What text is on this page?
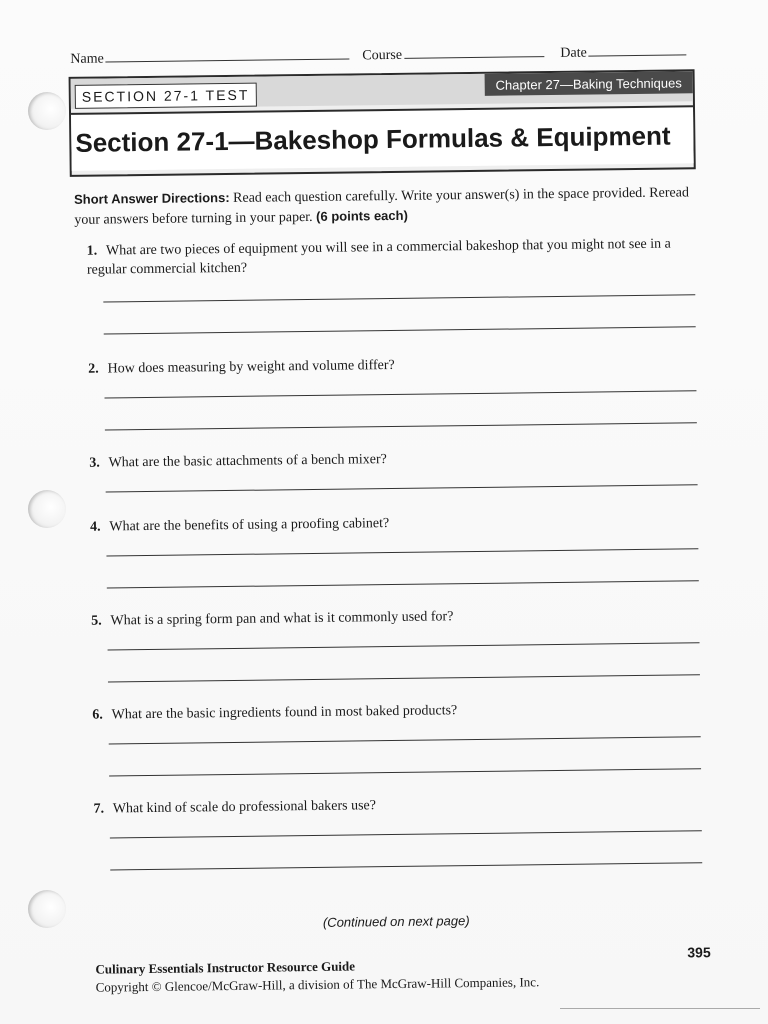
Name	Course	Date
Chapter 27—Baking Techniques
SECTION 27-1 TEST
Section 27-1—Bakeshop Formulas & Equipment
Short Answer Directions: Read each question carefully. Write your answer(s) in the space provided. Reread your answers before turning in your paper. (6 points each)
1. What are two pieces of equipment you will see in a commercial bakeshop that you might not see in a regular commercial kitchen?
2. How does measuring by weight and volume differ?
3. What are the basic attachments of a bench mixer?
4. What are the benefits of using a proofing cabinet?
5. What is a spring form pan and what is it commonly used for?
6. What are the basic ingredients found in most baked products?
7. What kind of scale do professional bakers use?
(Continued on next page)
395
Culinary Essentials Instructor Resource Guide
Copyright © Glencoe/McGraw-Hill, a division of The McGraw-Hill Companies, Inc.
